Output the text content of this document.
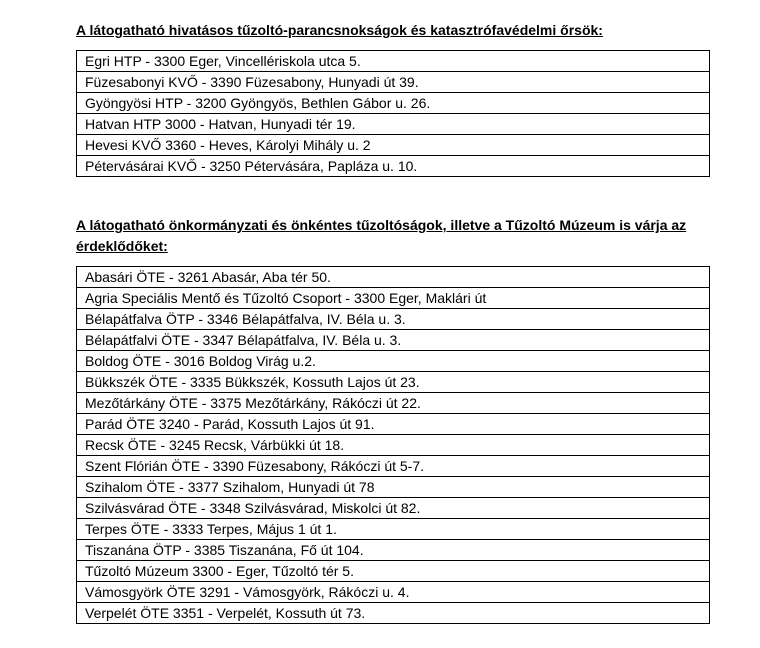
A látogatható hivatásos tűzoltó-parancsnokságok és katasztrófavédelmi őrsök:
Egri HTP - 3300 Eger, Vincellériskola utca 5.
Füzesabonyi KVŐ - 3390 Füzesabony, Hunyadi út 39.
Gyöngyösi HTP - 3200 Gyöngyös, Bethlen Gábor u. 26.
Hatvan HTP 3000 - Hatvan, Hunyadi tér 19.
Hevesi KVŐ 3360 - Heves, Károlyi Mihály u. 2
Pétervásárai KVŐ - 3250 Pétervására, Papláza u. 10.
A látogatható önkormányzati és önkéntes tűzoltóságok, illetve a Tűzoltó Múzeum is várja az érdeklődőket:
Abasári ÖTE - 3261 Abasár, Aba tér 50.
Agria Speciális Mentő és Tűzoltó Csoport - 3300 Eger, Maklári út
Bélapátfalva ÖTP - 3346 Bélapátfalva, IV. Béla u. 3.
Bélapátfalvi ÖTE - 3347 Bélapátfalva, IV. Béla u. 3.
Boldog ÖTE - 3016 Boldog Virág u.2.
Bükkszék ÖTE - 3335 Bükkszék, Kossuth Lajos út 23.
Mezőtárkány ÖTE - 3375 Mezőtárkány, Rákóczi út 22.
Parád ÖTE 3240 - Parád, Kossuth Lajos út 91.
Recsk ÖTE - 3245 Recsk, Várbükki út 18.
Szent Flórián ÖTE - 3390 Füzesabony, Rákóczi út 5-7.
Szihalom ÖTE - 3377 Szihalom, Hunyadi út 78
Szilvásvárad ÖTE - 3348 Szilvásvárad, Miskolci út 82.
Terpes ÖTE - 3333 Terpes, Május 1 út 1.
Tiszanána ÖTP - 3385 Tiszanána, Fő út 104.
Tűzoltó Múzeum 3300 - Eger, Tűzoltó tér 5.
Vámosgyörk ÖTE 3291 - Vámosgyörk, Rákóczi u. 4.
Verpelét ÖTE 3351 - Verpelét, Kossuth út 73.
